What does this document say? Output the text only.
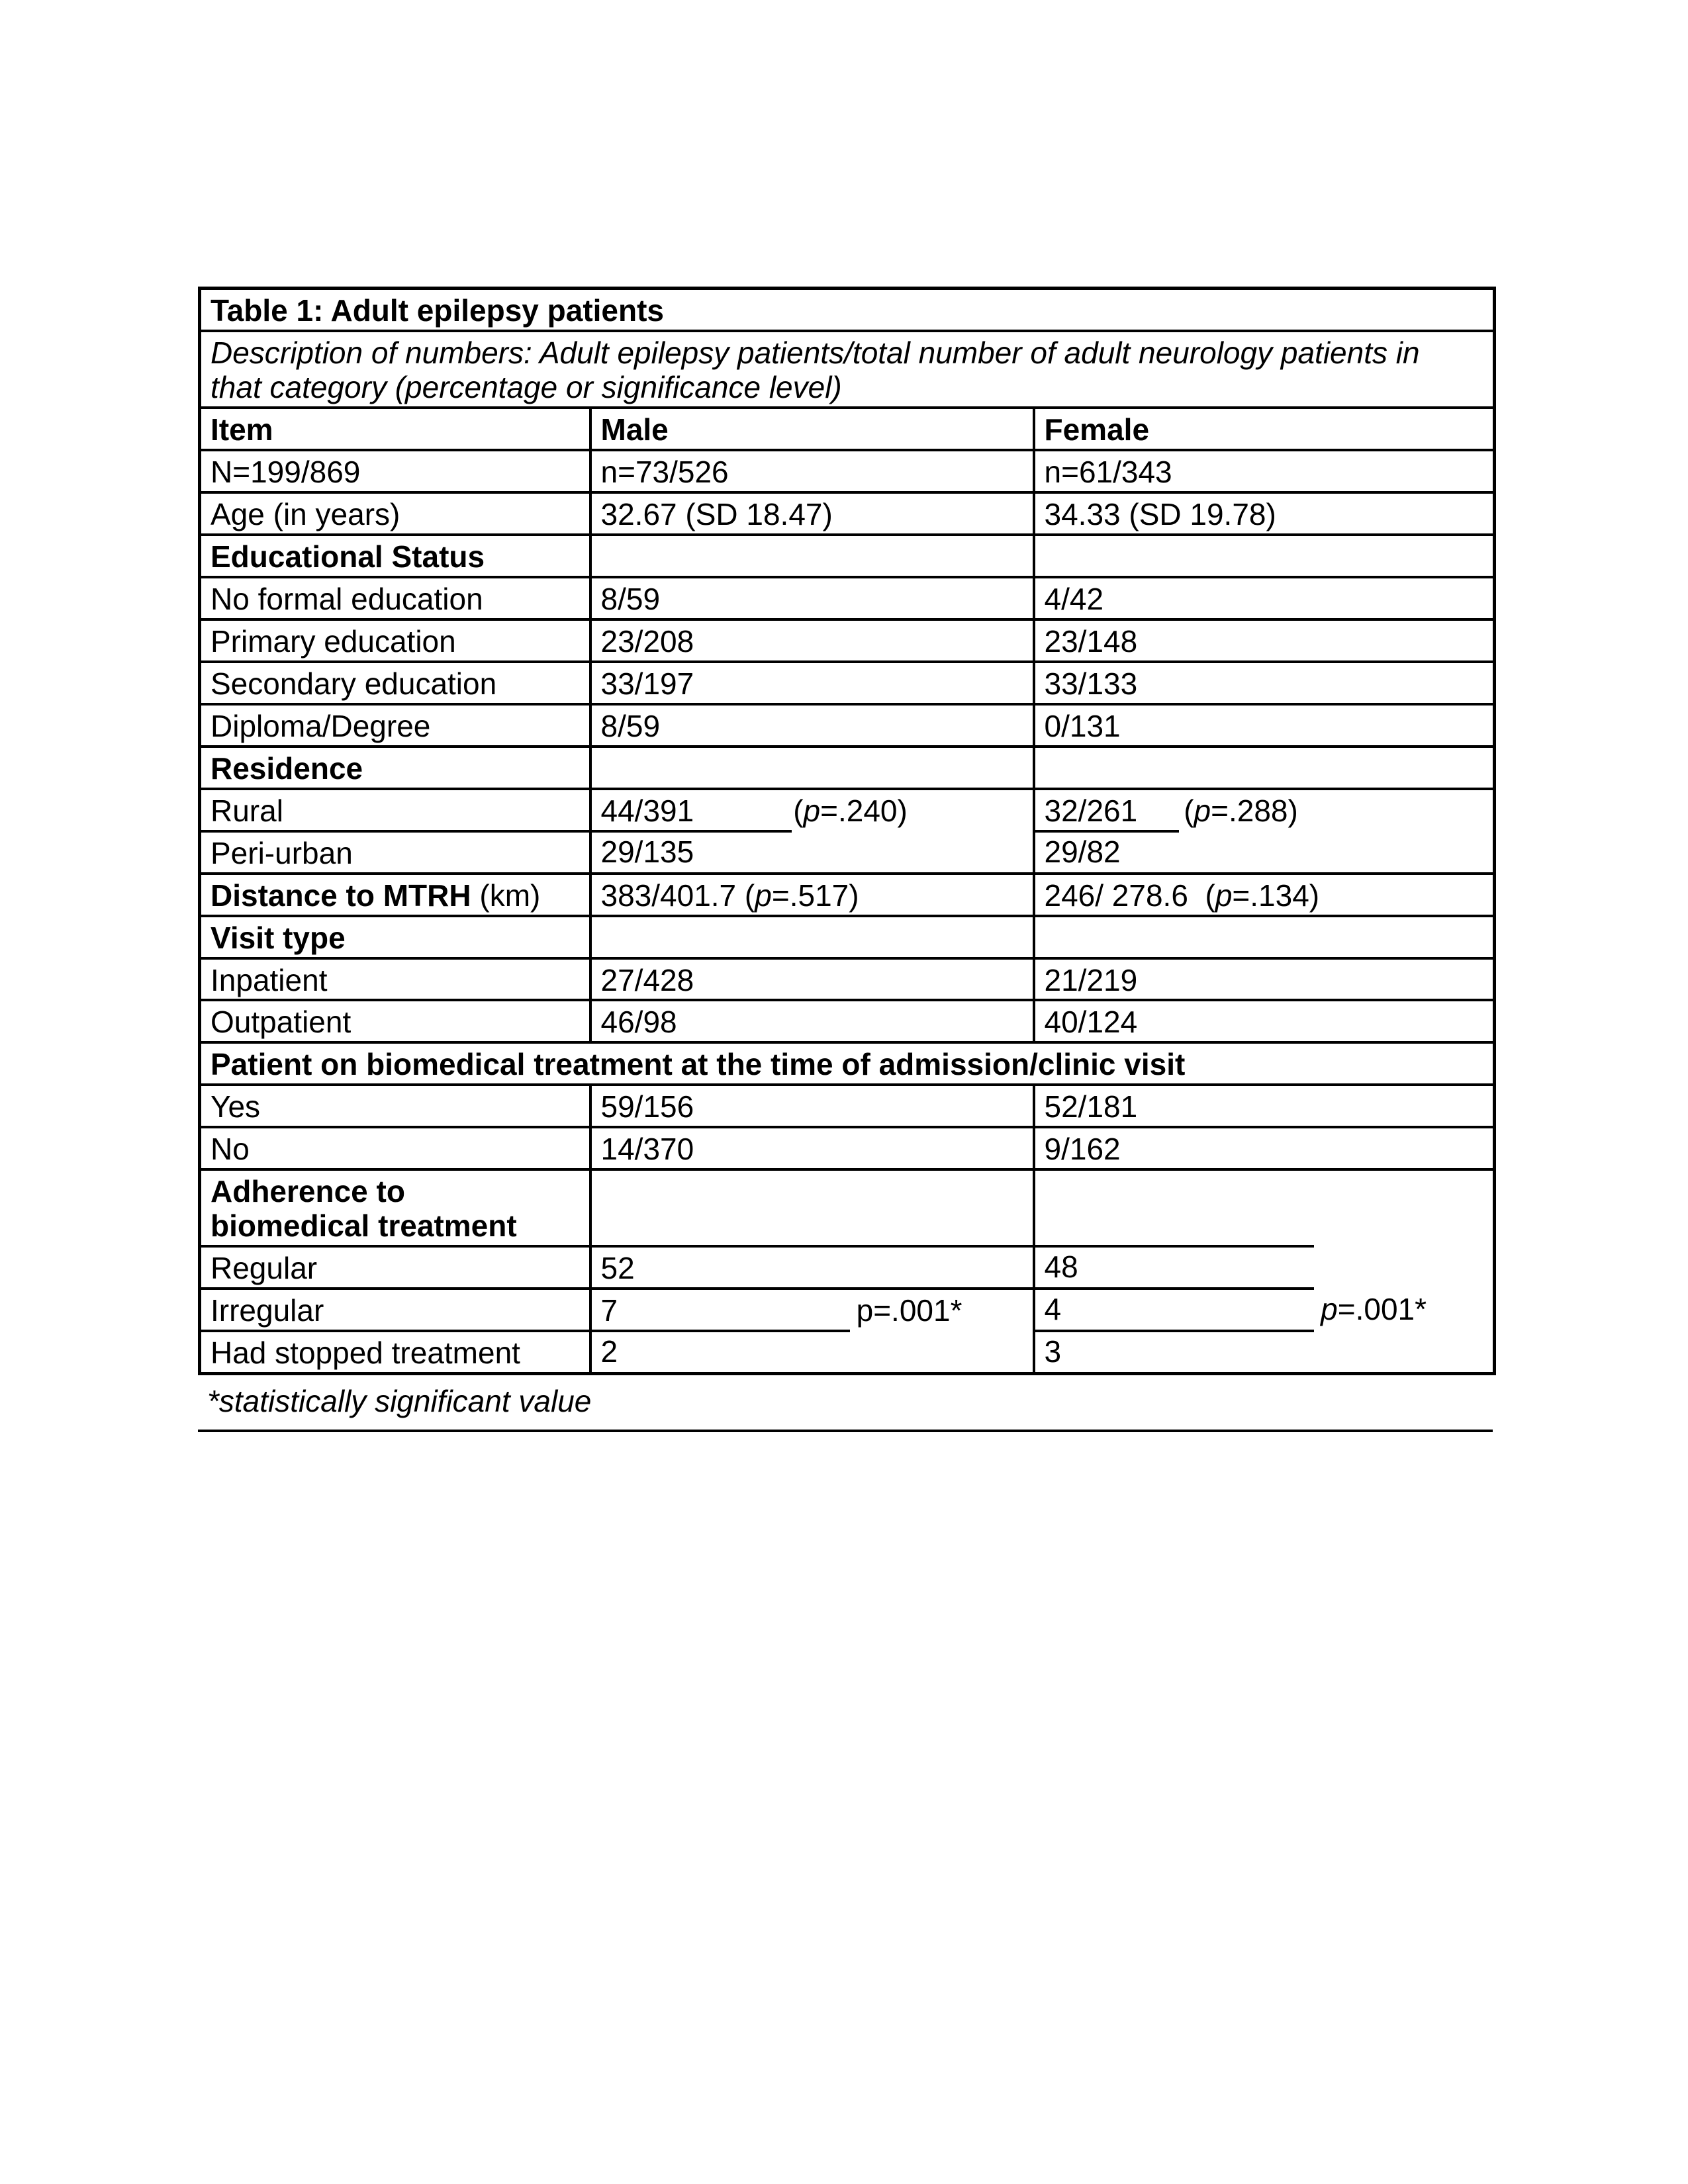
Table 1: Adult epilepsy patients		

Description of numbers: Adult epilepsy patients/total number of adult neurology patients in
that category (percentage or significance level)		

Item	Male	Female
N=199/869	n=73/526	n=61/343
Age (in years)	32.67 (SD 18.47)	34.33 (SD 19.78)
Educational Status		
No formal education	8/59	4/42
Primary education	23/208	23/148
Secondary education	33/197	33/133
Diploma/Degree	8/59	0/131
Residence		
Rural	44/391 (p=.240)	32/261 (p=.288)

Peri-urban	29/135	29/82
Distance to MTRH (km)	383/401.7 (p=.517)	246/ 278.6  (p=.134)
Visit type		
Inpatient	27/428	21/219
Outpatient	46/98	40/124
Patient on biomedical treatment at the time of admission/clinic visit		
Yes	59/156	52/181
No	14/370	9/162

Adherence to
biomedical treatment		

Regular	52	48

Irregular	7 p=.001*	4 p=.001*

Had stopped treatment	2	3
*statistically significant value
